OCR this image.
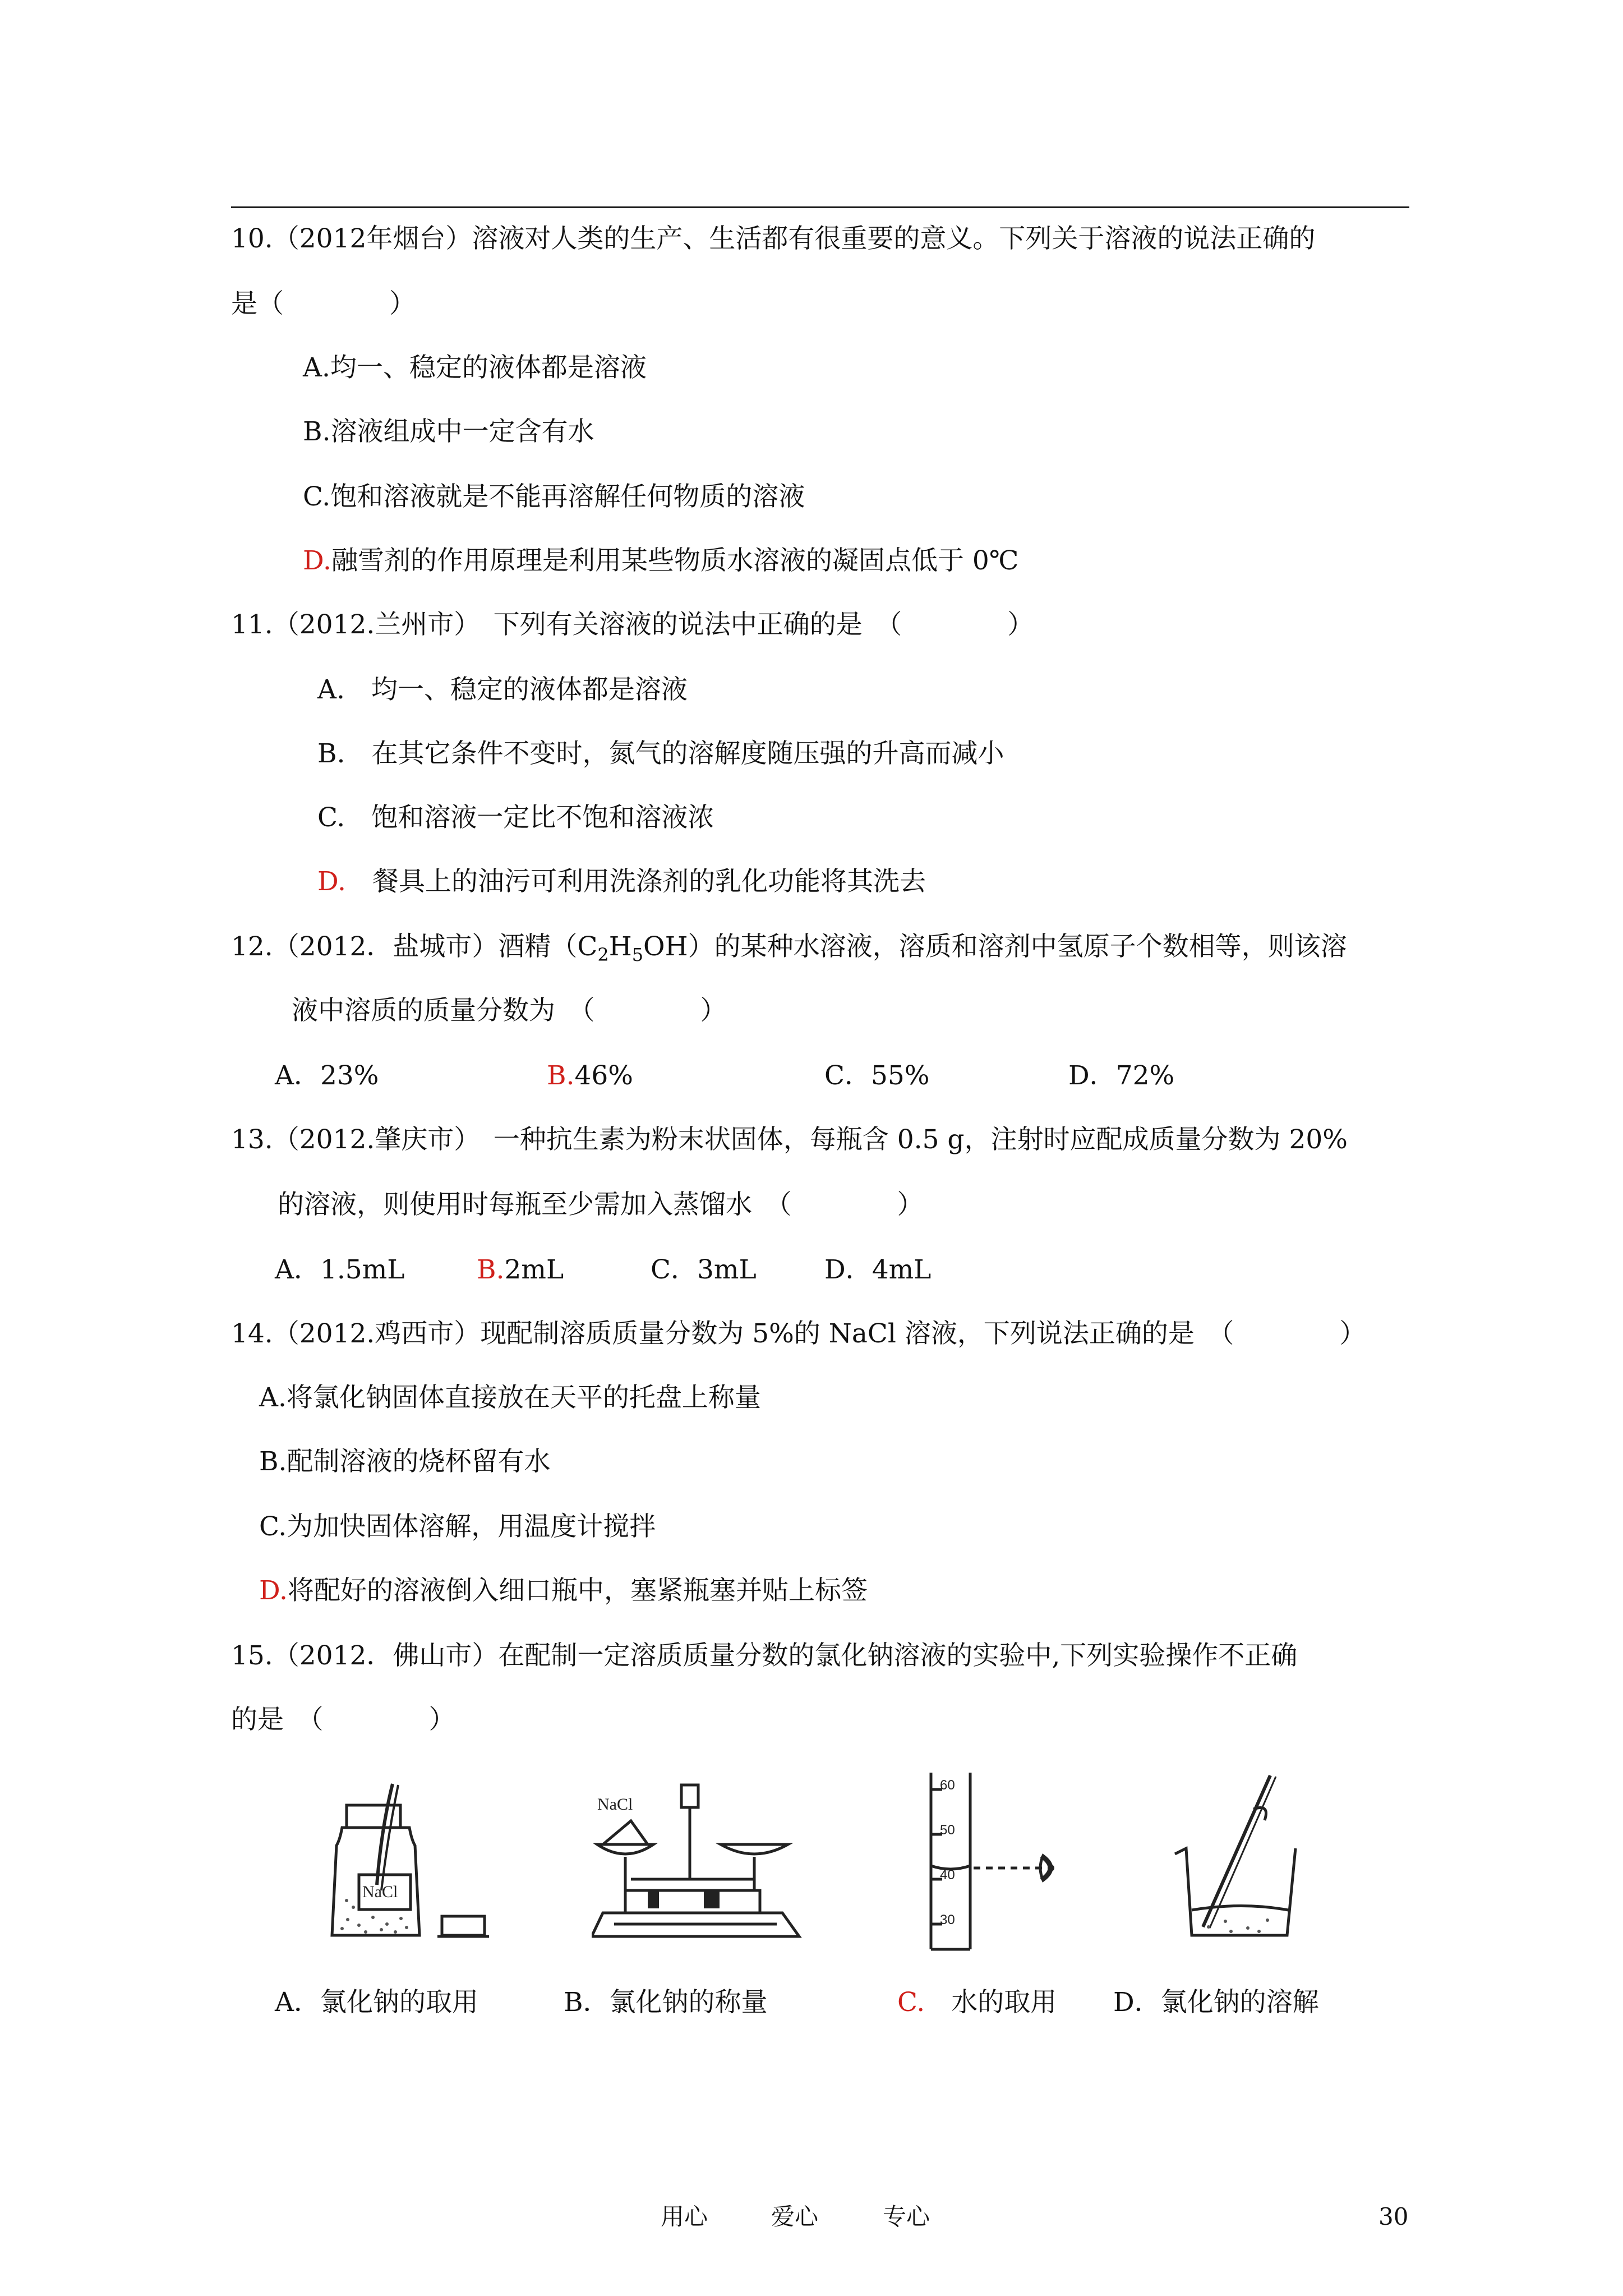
10.（2012年烟台）溶液对人类的生产、生活都有很重要的意义。下列关于溶液的说法正确的
是（　　　　）
A.均一、稳定的液体都是溶液
B.溶液组成中一定含有水
C.饱和溶液就是不能再溶解任何物质的溶液
D.融雪剂的作用原理是利用某些物质水溶液的凝固点低于 0℃
11.（2012.兰州市）　下列有关溶液的说法中正确的是　（　　　　）
A.　均一、稳定的液体都是溶液
B.　在其它条件不变时，氮气的溶解度随压强的升高而减小
C.　饱和溶液一定比不饱和溶液浓
D.　餐具上的油污可利用洗涤剂的乳化功能将其洗去
12.（2012．盐城市）酒精$(C_2H_5OH)$的某种水溶液，溶质和溶剂中氢原子个数相等，则该溶
液中溶质的质量分数为　（　　　　）
A．23%	B.46%	C．55%	D．72%
13.（2012.肇庆市）　一种抗生素为粉末状固体，每瓶含 0.5 g，注射时应配成质量分数为 20%
的溶液，则使用时每瓶至少需加入蒸馏水　（　　　　）
A．1.5mL	B.2mL	C．3mL	D．4mL
14.（2012.鸡西市）现配制溶质质量分数为 5%的 NaCl 溶液，下列说法正确的是　（　　　　）
A.将氯化钠固体直接放在天平的托盘上称量
B.配制溶液的烧杯留有水
C.为加快固体溶解，用温度计搅拌
D.将配好的溶液倒入细口瓶中，塞紧瓶塞并贴上标签
15.（2012．佛山市）在配制一定溶质质量分数的氯化钠溶液的实验中,下列实验操作不正确
的是　（　　　　）
NaCl
NaCl
60
50
40
30
A．氯化钠的取用	B．氯化钠的称量	C.　 水的取用 D．氯化钠的溶解
用心	爱心	专心	30
